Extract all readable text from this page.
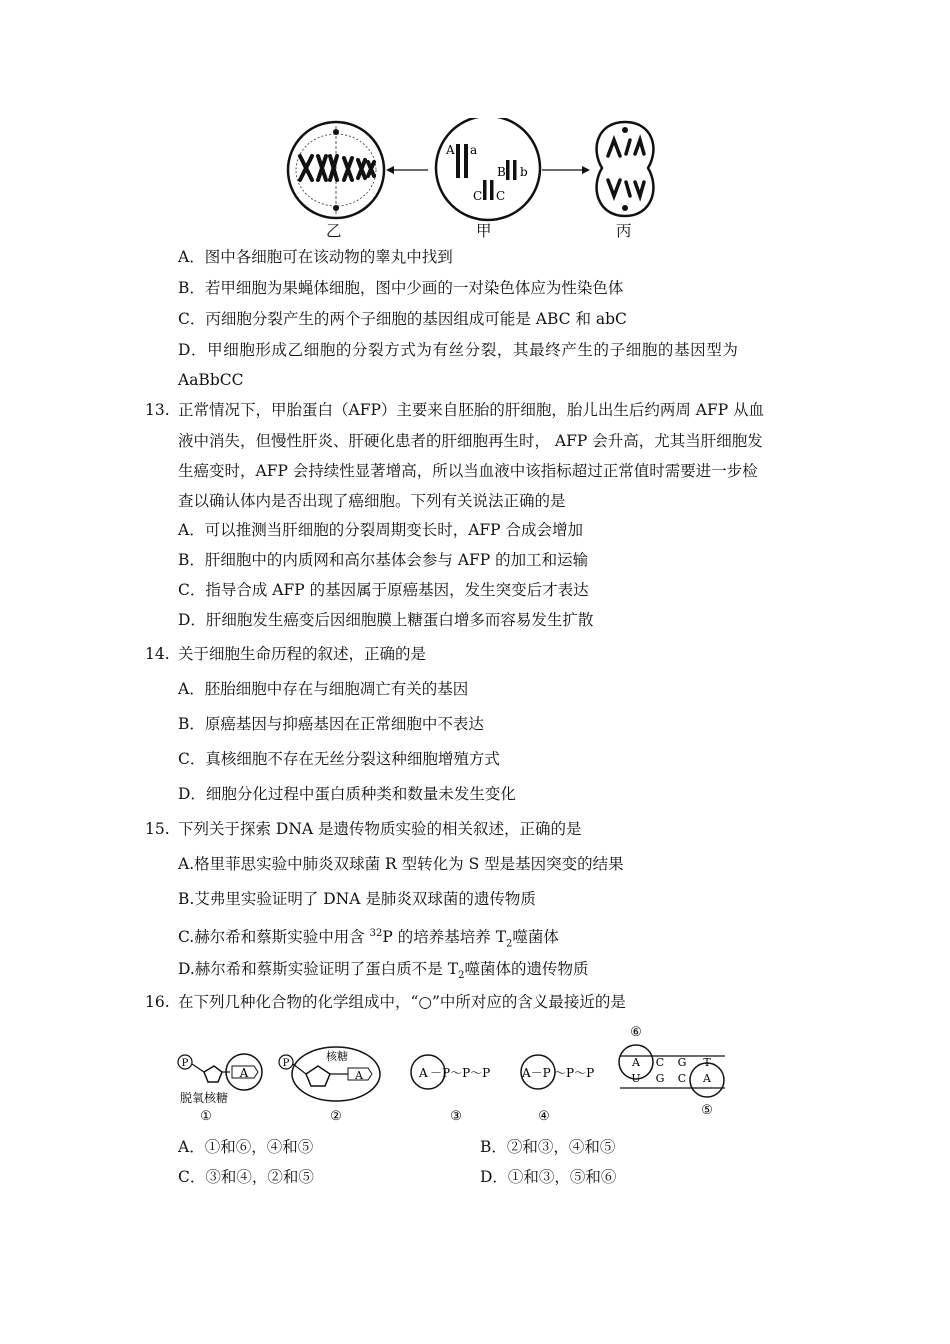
A a
B b
C C
乙	甲	丙
A．图中各细胞可在该动物的睾丸中找到
B．若甲细胞为果蝇体细胞，图中少画的一对染色体应为性染色体
C．丙细胞分裂产生的两个子细胞的基因组成可能是 ABC 和 abC
D．甲细胞形成乙细胞的分裂方式为有丝分裂，其最终产生的子细胞的基因型为
AaBbCC
13. 正常情况下，甲胎蛋白（AFP）主要来自胚胎的肝细胞，胎儿出生后约两周 AFP 从血
液中消失，但慢性肝炎、肝硬化患者的肝细胞再生时， AFP 会升高，尤其当肝细胞发
生癌变时，AFP 会持续性显著增高，所以当血液中该指标超过正常值时需要进一步检
查以确认体内是否出现了癌细胞。下列有关说法正确的是
A．可以推测当肝细胞的分裂周期变长时，AFP 合成会增加
B．肝细胞中的内质网和高尔基体会参与 AFP 的加工和运输
C．指导合成 AFP 的基因属于原癌基因，发生突变后才表达
D．肝细胞发生癌变后因细胞膜上糖蛋白增多而容易发生扩散
14. 关于细胞生命历程的叙述，正确的是
A．胚胎细胞中存在与细胞凋亡有关的基因
B．原癌基因与抑癌基因在正常细胞中不表达
C．真核细胞不存在无丝分裂这种细胞增殖方式
D．细胞分化过程中蛋白质种类和数量未发生变化
15. 下列关于探索 DNA 是遗传物质实验的相关叙述，正确的是
A.格里菲思实验中肺炎双球菌 R 型转化为 S 型是基因突变的结果
B.艾弗里实验证明了 DNA 是肺炎双球菌的遗传物质
C.赫尔希和蔡斯实验中用含 $^{32}$P 的培养基培养 $T_2$噬菌体
D.赫尔希和蔡斯实验证明了蛋白质不是 $T_2$噬菌体的遗传物质
16. 在下列几种化合物的化学组成中，“○”中所对应的含义最接近的是
P
A
脱氧核糖
①
P
A
核糖
②
A －P～P～P
③
A－P ～P～P
④
A C G T
U G C A
⑥
⑤
A．①和⑥，④和⑤	B．②和③，④和⑤
C．③和④，②和⑤	D．①和③，⑤和⑥
